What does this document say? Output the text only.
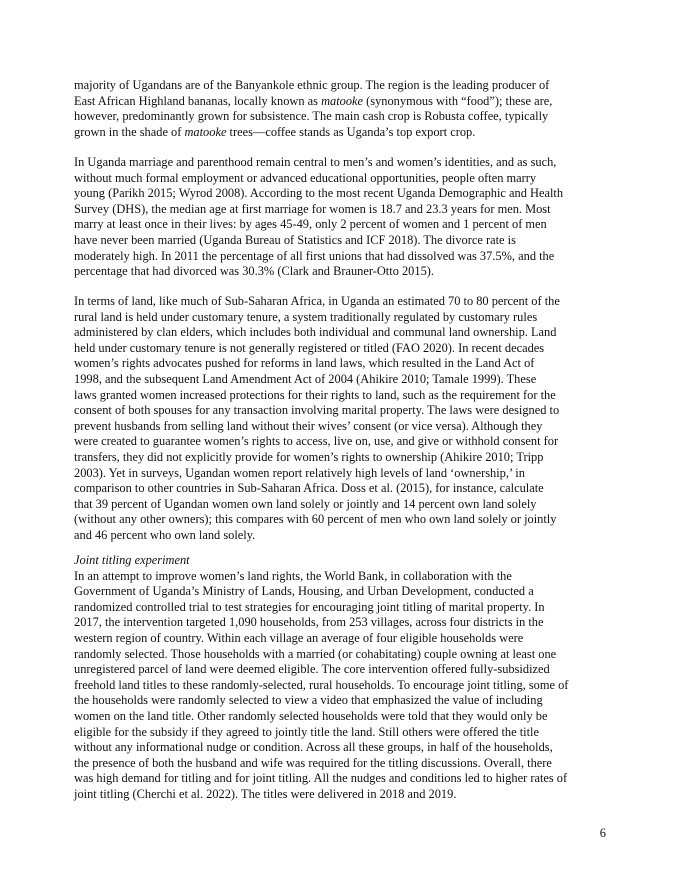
majority of Ugandans are of the Banyankole ethnic group. The region is the leading producer of
East African Highland bananas, locally known as matooke (synonymous with “food”); these are,
however, predominantly grown for subsistence. The main cash crop is Robusta coffee, typically
grown in the shade of matooke trees—coffee stands as Uganda’s top export crop.
In Uganda marriage and parenthood remain central to men’s and women’s identities, and as such,
without much formal employment or advanced educational opportunities, people often marry
young (Parikh 2015; Wyrod 2008). According to the most recent Uganda Demographic and Health
Survey (DHS), the median age at first marriage for women is 18.7 and 23.3 years for men. Most
marry at least once in their lives: by ages 45-49, only 2 percent of women and 1 percent of men
have never been married (Uganda Bureau of Statistics and ICF 2018). The divorce rate is
moderately high. In 2011 the percentage of all first unions that had dissolved was 37.5%, and the
percentage that had divorced was 30.3% (Clark and Brauner-Otto 2015).
In terms of land, like much of Sub-Saharan Africa, in Uganda an estimated 70 to 80 percent of the
rural land is held under customary tenure, a system traditionally regulated by customary rules
administered by clan elders, which includes both individual and communal land ownership. Land
held under customary tenure is not generally registered or titled (FAO 2020). In recent decades
women’s rights advocates pushed for reforms in land laws, which resulted in the Land Act of
1998, and the subsequent Land Amendment Act of 2004 (Ahikire 2010; Tamale 1999). These
laws granted women increased protections for their rights to land, such as the requirement for the
consent of both spouses for any transaction involving marital property. The laws were designed to
prevent husbands from selling land without their wives’ consent (or vice versa). Although they
were created to guarantee women’s rights to access, live on, use, and give or withhold consent for
transfers, they did not explicitly provide for women’s rights to ownership (Ahikire 2010; Tripp
2003). Yet in surveys, Ugandan women report relatively high levels of land ‘ownership,’ in
comparison to other countries in Sub-Saharan Africa. Doss et al. (2015), for instance, calculate
that 39 percent of Ugandan women own land solely or jointly and 14 percent own land solely
(without any other owners); this compares with 60 percent of men who own land solely or jointly
and 46 percent who own land solely.
Joint titling experiment
In an attempt to improve women’s land rights, the World Bank, in collaboration with the
Government of Uganda’s Ministry of Lands, Housing, and Urban Development, conducted a
randomized controlled trial to test strategies for encouraging joint titling of marital property. In
2017, the intervention targeted 1,090 households, from 253 villages, across four districts in the
western region of country. Within each village an average of four eligible households were
randomly selected. Those households with a married (or cohabitating) couple owning at least one
unregistered parcel of land were deemed eligible. The core intervention offered fully-subsidized
freehold land titles to these randomly-selected, rural households. To encourage joint titling, some of
the households were randomly selected to view a video that emphasized the value of including
women on the land title. Other randomly selected households were told that they would only be
eligible for the subsidy if they agreed to jointly title the land. Still others were offered the title
without any informational nudge or condition. Across all these groups, in half of the households,
the presence of both the husband and wife was required for the titling discussions. Overall, there
was high demand for titling and for joint titling. All the nudges and conditions led to higher rates of
joint titling (Cherchi et al. 2022). The titles were delivered in 2018 and 2019.
6
